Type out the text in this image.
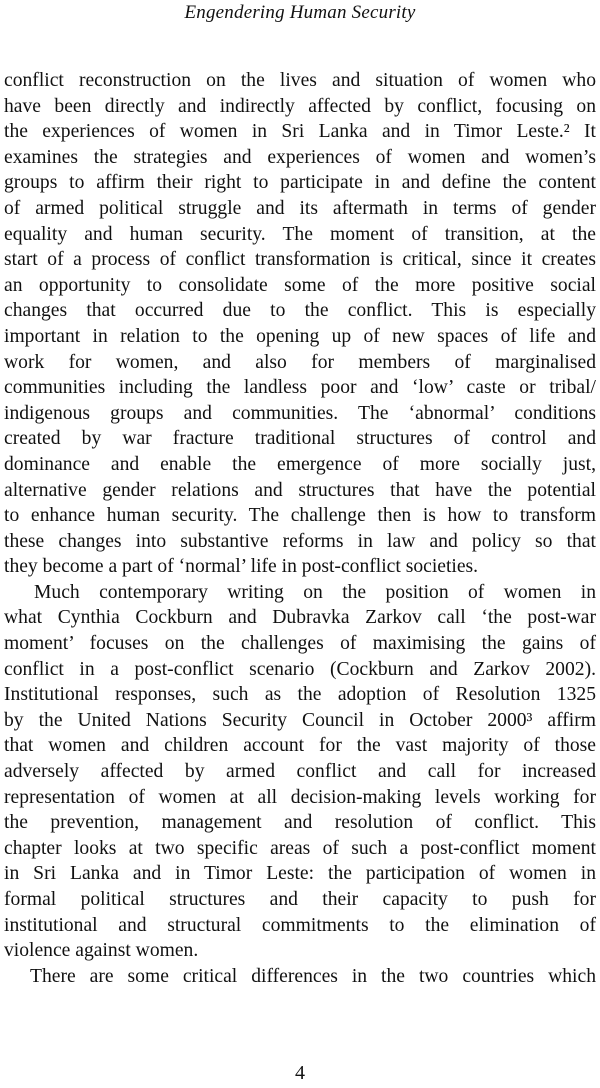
Engendering Human Security
conflict reconstruction on the lives and situation of women who
have been directly and indirectly affected by conflict, focusing on
the experiences of women in Sri Lanka and in Timor Leste.² It
examines the strategies and experiences of women and women’s
groups to affirm their right to participate in and define the content
of armed political struggle and its aftermath in terms of gender
equality and human security. The moment of transition, at the
start of a process of conflict transformation is critical, since it creates
an opportunity to consolidate some of the more positive social
changes that occurred due to the conflict. This is especially
important in relation to the opening up of new spaces of life and
work for women, and also for members of marginalised
communities including the landless poor and ‘low’ caste or tribal/
indigenous groups and communities. The ‘abnormal’ conditions
created by war fracture traditional structures of control and
dominance and enable the emergence of more socially just,
alternative gender relations and structures that have the potential
to enhance human security. The challenge then is how to transform
these changes into substantive reforms in law and policy so that
they become a part of ‘normal’ life in post-conflict societies.
Much contemporary writing on the position of women in
what Cynthia Cockburn and Dubravka Zarkov call ‘the post-war
moment’ focuses on the challenges of maximising the gains of
conflict in a post-conflict scenario (Cockburn and Zarkov 2002).
Institutional responses, such as the adoption of Resolution 1325
by the United Nations Security Council in October 2000³ affirm
that women and children account for the vast majority of those
adversely affected by armed conflict and call for increased
representation of women at all decision-making levels working for
the prevention, management and resolution of conflict. This
chapter looks at two specific areas of such a post-conflict moment
in Sri Lanka and in Timor Leste: the participation of women in
formal political structures and their capacity to push for
institutional and structural commitments to the elimination of
violence against women.
There are some critical differences in the two countries which
4
